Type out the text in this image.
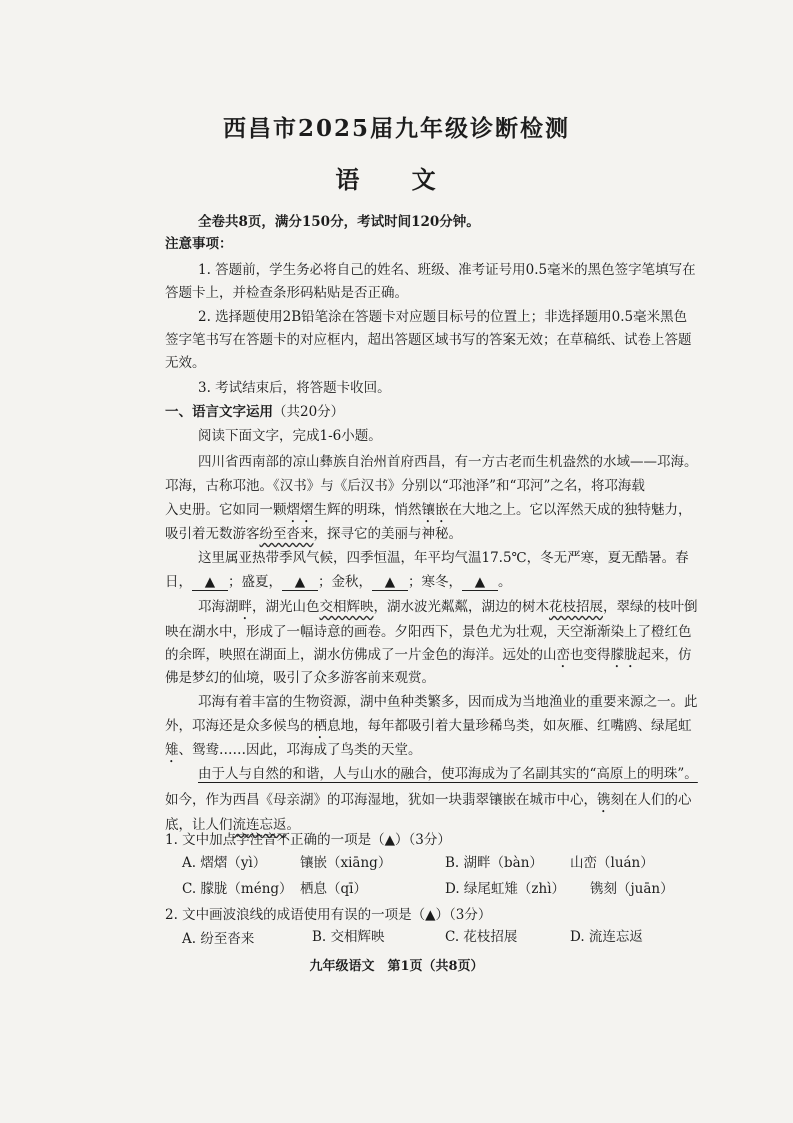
西昌市2025届九年级诊断检测
语 文
全卷共8页，满分150分，考试时间120分钟。
注意事项：
1. 答题前，学生务必将自己的姓名、班级、准考证号用0.5毫米的黑色签字笔填写在
答题卡上，并检查条形码粘贴是否正确。
2. 选择题使用2B铅笔涂在答题卡对应题目标号的位置上；非选择题用0.5毫米黑色
签字笔书写在答题卡的对应框内，超出答题区域书写的答案无效；在草稿纸、试卷上答题
无效。
3. 考试结束后，将答题卡收回。
一、语言文字运用（共20分）
阅读下面文字，完成1-6小题。
四川省西南部的凉山彝族自治州首府西昌，有一方古老而生机盎然的水域——邛海。
邛海，古称邛池。《汉书》与《后汉书》分别以“邛池泽”和“邛河”之名，将邛海载
入史册。它如同一颗熠熠生辉的明珠，悄然镶嵌在大地之上。它以浑然天成的独特魅力，
吸引着无数游客纷至沓来，探寻它的美丽与神秘。
这里属亚热带季风气候，四季恒温，年平均气温17.5℃，冬无严寒，夏无酷暑。春
日， ▲ ；盛夏， ▲ ；金秋， ▲ ；寒冬， ▲ 。
邛海湖畔，湖光山色交相辉映，湖水波光粼粼，湖边的树木花枝招展，翠绿的枝叶倒
映在湖水中，形成了一幅诗意的画卷。夕阳西下，景色尤为壮观，天空渐渐染上了橙红色
的余晖，映照在湖面上，湖水仿佛成了一片金色的海洋。远处的山峦也变得朦胧起来，仿
佛是梦幻的仙境，吸引了众多游客前来观赏。
邛海有着丰富的生物资源，湖中鱼种类繁多，因而成为当地渔业的重要来源之一。此
外，邛海还是众多候鸟的栖息地，每年都吸引着大量珍稀鸟类，如灰雁、红嘴鸥、绿尾虹
雉、鸳鸯……因此，邛海成了鸟类的天堂。
由于人与自然的和谐，人与山水的融合，使邛海成为了名副其实的“高原上的明珠”。
如今，作为西昌《母亲湖》的邛海湿地，犹如一块翡翠镶嵌在城市中心，镌刻在人们的心
底，让人们流连忘返。
1. 文中加点字注音不正确的一项是（▲）（3分）
A. 熠熠（yì） 镶嵌（xiāng）	B. 湖畔（bàn） 山峦（luán）
九年级语文　第1页（共8页）
C. 朦胧（méng） 栖息（qī）	D. 绿尾虹雉（zhì） 镌刻（juān）
2. 文中画波浪线的成语使用有误的一项是（▲）（3分）
A. 纷至沓来	B. 交相辉映	C. 花枝招展	D. 流连忘返
